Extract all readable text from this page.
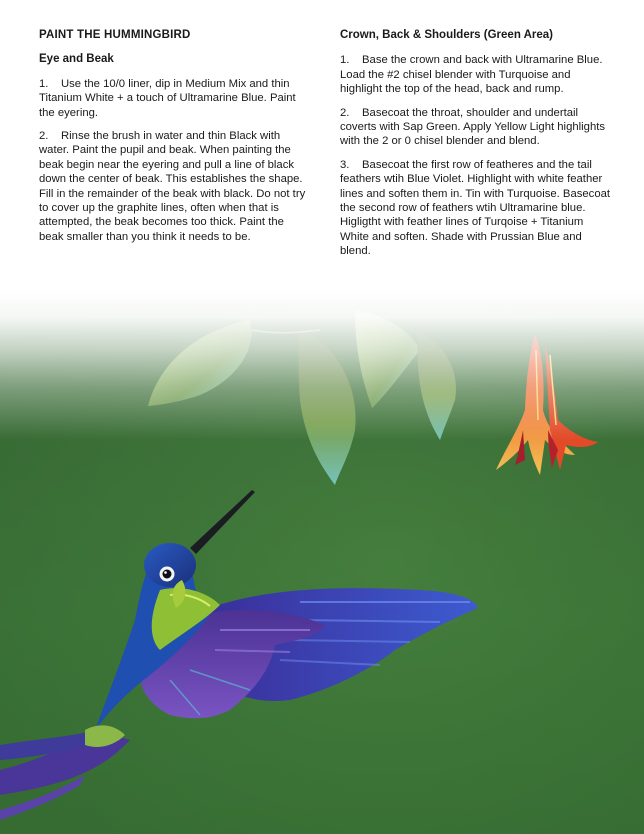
PAINT THE HUMMINGBIRD
Eye and Beak

1. Use the 10/0 liner, dip in Medium Mix and thin Titanium White + a touch of Ultramarine Blue. Paint the eyering.

2. Rinse the brush in water and thin Black with water. Paint the pupil and beak. When painting the beak begin near the eyering and pull a line of black down the center of beak. This establishes the shape. Fill in the remainder of the beak with black. Do not try to cover up the graphite lines, often when that is attempted, the beak becomes too thick. Paint the beak smaller than you think it needs to be.

Crown, Back & Shoulders (Green Area)

1. Base the crown and back with Ultramarine Blue. Load the #2 chisel blender with Turquoise and highlight the top of the head, back and rump.

2. Basecoat the throat, shoulder and undertail coverts with Sap Green. Apply Yellow Light highlights with the 2 or 0 chisel blender and blend.

3. Basecoat the first row of featheres and the tail feathers wtih Blue Violet. Highlight with white feather lines and soften them in. Tin with Turquoise. Basecoat the second row of feathers wtih Ultramarine blue. Higligtht with feather lines of Turqoise + Titanium White and soften. Shade with Prussian Blue and blend.
